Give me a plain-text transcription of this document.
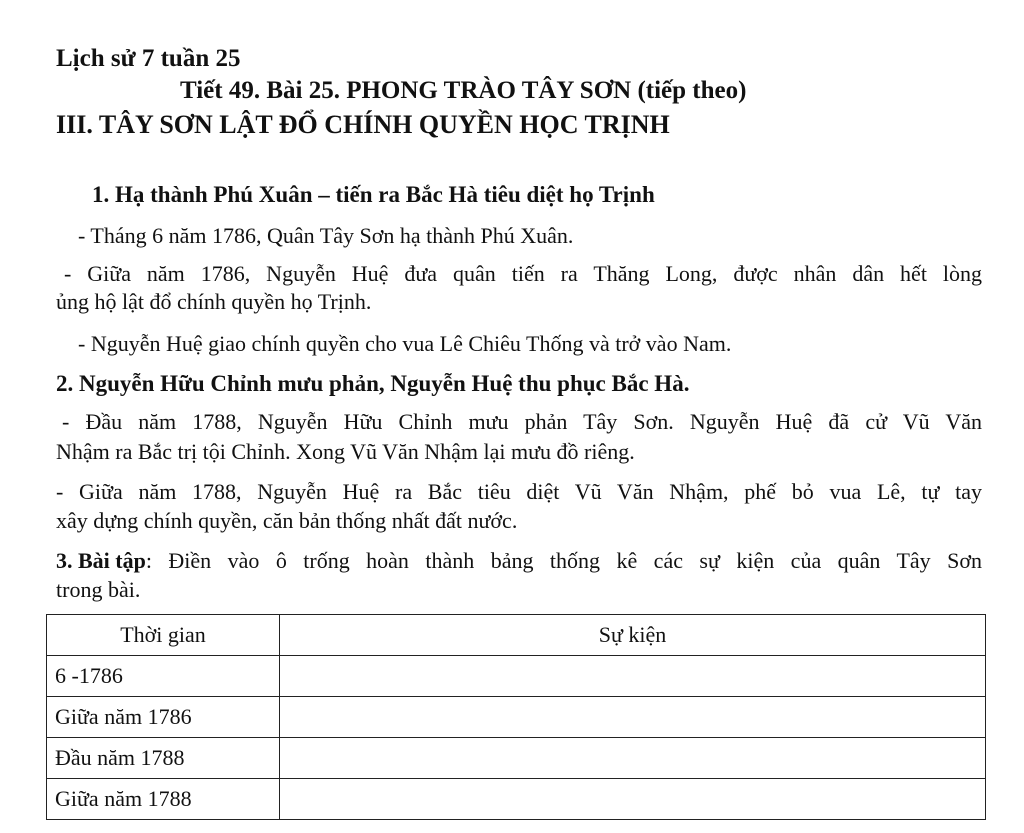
Lịch sử 7 tuần 25
Tiết 49. Bài 25. PHONG TRÀO TÂY SƠN (tiếp theo)
III. TÂY SƠN LẬT ĐỔ CHÍNH QUYỀN HỌC TRỊNH
1. Hạ thành Phú Xuân – tiến ra Bắc Hà tiêu diệt họ Trịnh
- Tháng 6 năm 1786, Quân Tây Sơn hạ thành Phú Xuân.
- Giữa năm 1786, Nguyễn Huệ đưa quân tiến ra Thăng Long, được nhân dân hết lòng
ủng hộ lật đổ chính quyền họ Trịnh.
- Nguyễn Huệ giao chính quyền cho vua Lê Chiêu Thống và trở vào Nam.
2. Nguyễn Hữu Chỉnh mưu phản, Nguyễn Huệ thu phục Bắc Hà.
- Đầu năm 1788, Nguyễn Hữu Chỉnh mưu phản Tây Sơn. Nguyễn Huệ đã cử Vũ Văn
Nhậm ra Bắc trị tội Chỉnh. Xong Vũ Văn Nhậm lại mưu đồ riêng.
- Giữa năm 1788, Nguyễn Huệ ra Bắc tiêu diệt Vũ Văn Nhậm, phế bỏ vua Lê, tự tay
xây dựng chính quyền, căn bản thống nhất đất nước.
3. Bài tập : Điền vào ô trống hoàn thành bảng thống kê các sự kiện của quân Tây Sơn
trong bài.
Thời gian	Sự kiện
6 -1786	
Giữa năm 1786	
Đầu năm 1788	
Giữa năm 1788	
